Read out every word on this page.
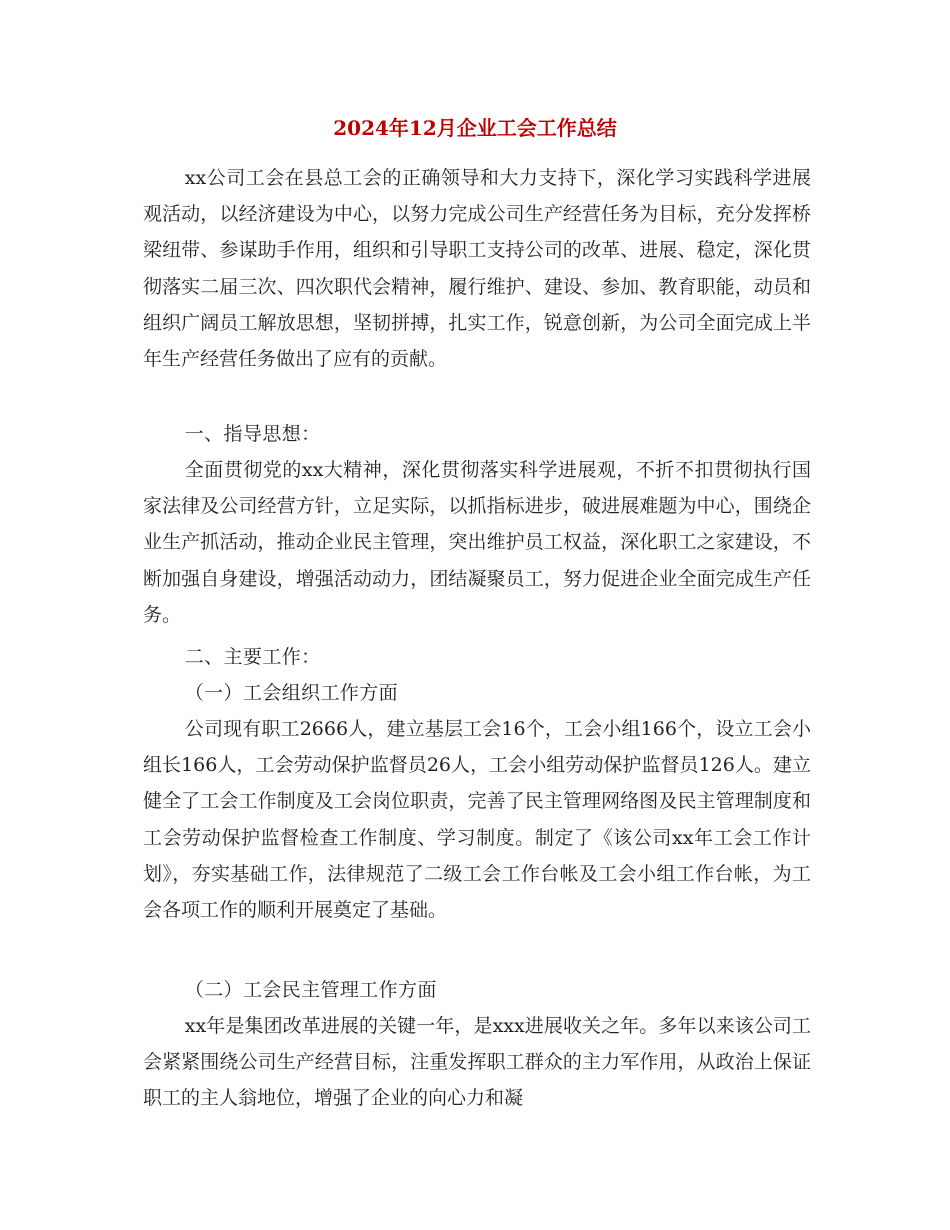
2024年12月企业工会工作总结

xx公司工会在县总工会的正确领导和大力支持下，深化学习实践科学进展观活动，以经济建设为中心，以努力完成公司生产经营任务为目标，充分发挥桥梁纽带、参谋助手作用，组织和引导职工支持公司的改革、进展、稳定，深化贯彻落实二届三次、四次职代会精神，履行维护、建设、参加、教育职能，动员和组织广阔员工解放思想，坚韧拼搏，扎实工作，锐意创新，为公司全面完成上半年生产经营任务做出了应有的贡献。

一、指导思想：

全面贯彻党的xx大精神，深化贯彻落实科学进展观，不折不扣贯彻执行国家法律及公司经营方针，立足实际，以抓指标进步，破进展难题为中心，围绕企业生产抓活动，推动企业民主管理，突出维护员工权益，深化职工之家建设，不断加强自身建设，增强活动动力，团结凝聚员工，努力促进企业全面完成生产任务。

二、主要工作：

（一）工会组织工作方面

公司现有职工2666人，建立基层工会16个，工会小组166个，设立工会小组长166人，工会劳动保护监督员26人，工会小组劳动保护监督员126人。建立健全了工会工作制度及工会岗位职责，完善了民主管理网络图及民主管理制度和工会劳动保护监督检查工作制度、学习制度。制定了《该公司xx年工会工作计划》，夯实基础工作，法律规范了二级工会工作台帐及工会小组工作台帐，为工会各项工作的顺利开展奠定了基础。

（二）工会民主管理工作方面

xx年是集团改革进展的关键一年，是xxx进展收关之年。多年以来该公司工会紧紧围绕公司生产经营目标，注重发挥职工群众的主力军作用，从政治上保证职工的主人翁地位，增强了企业的向心力和凝
